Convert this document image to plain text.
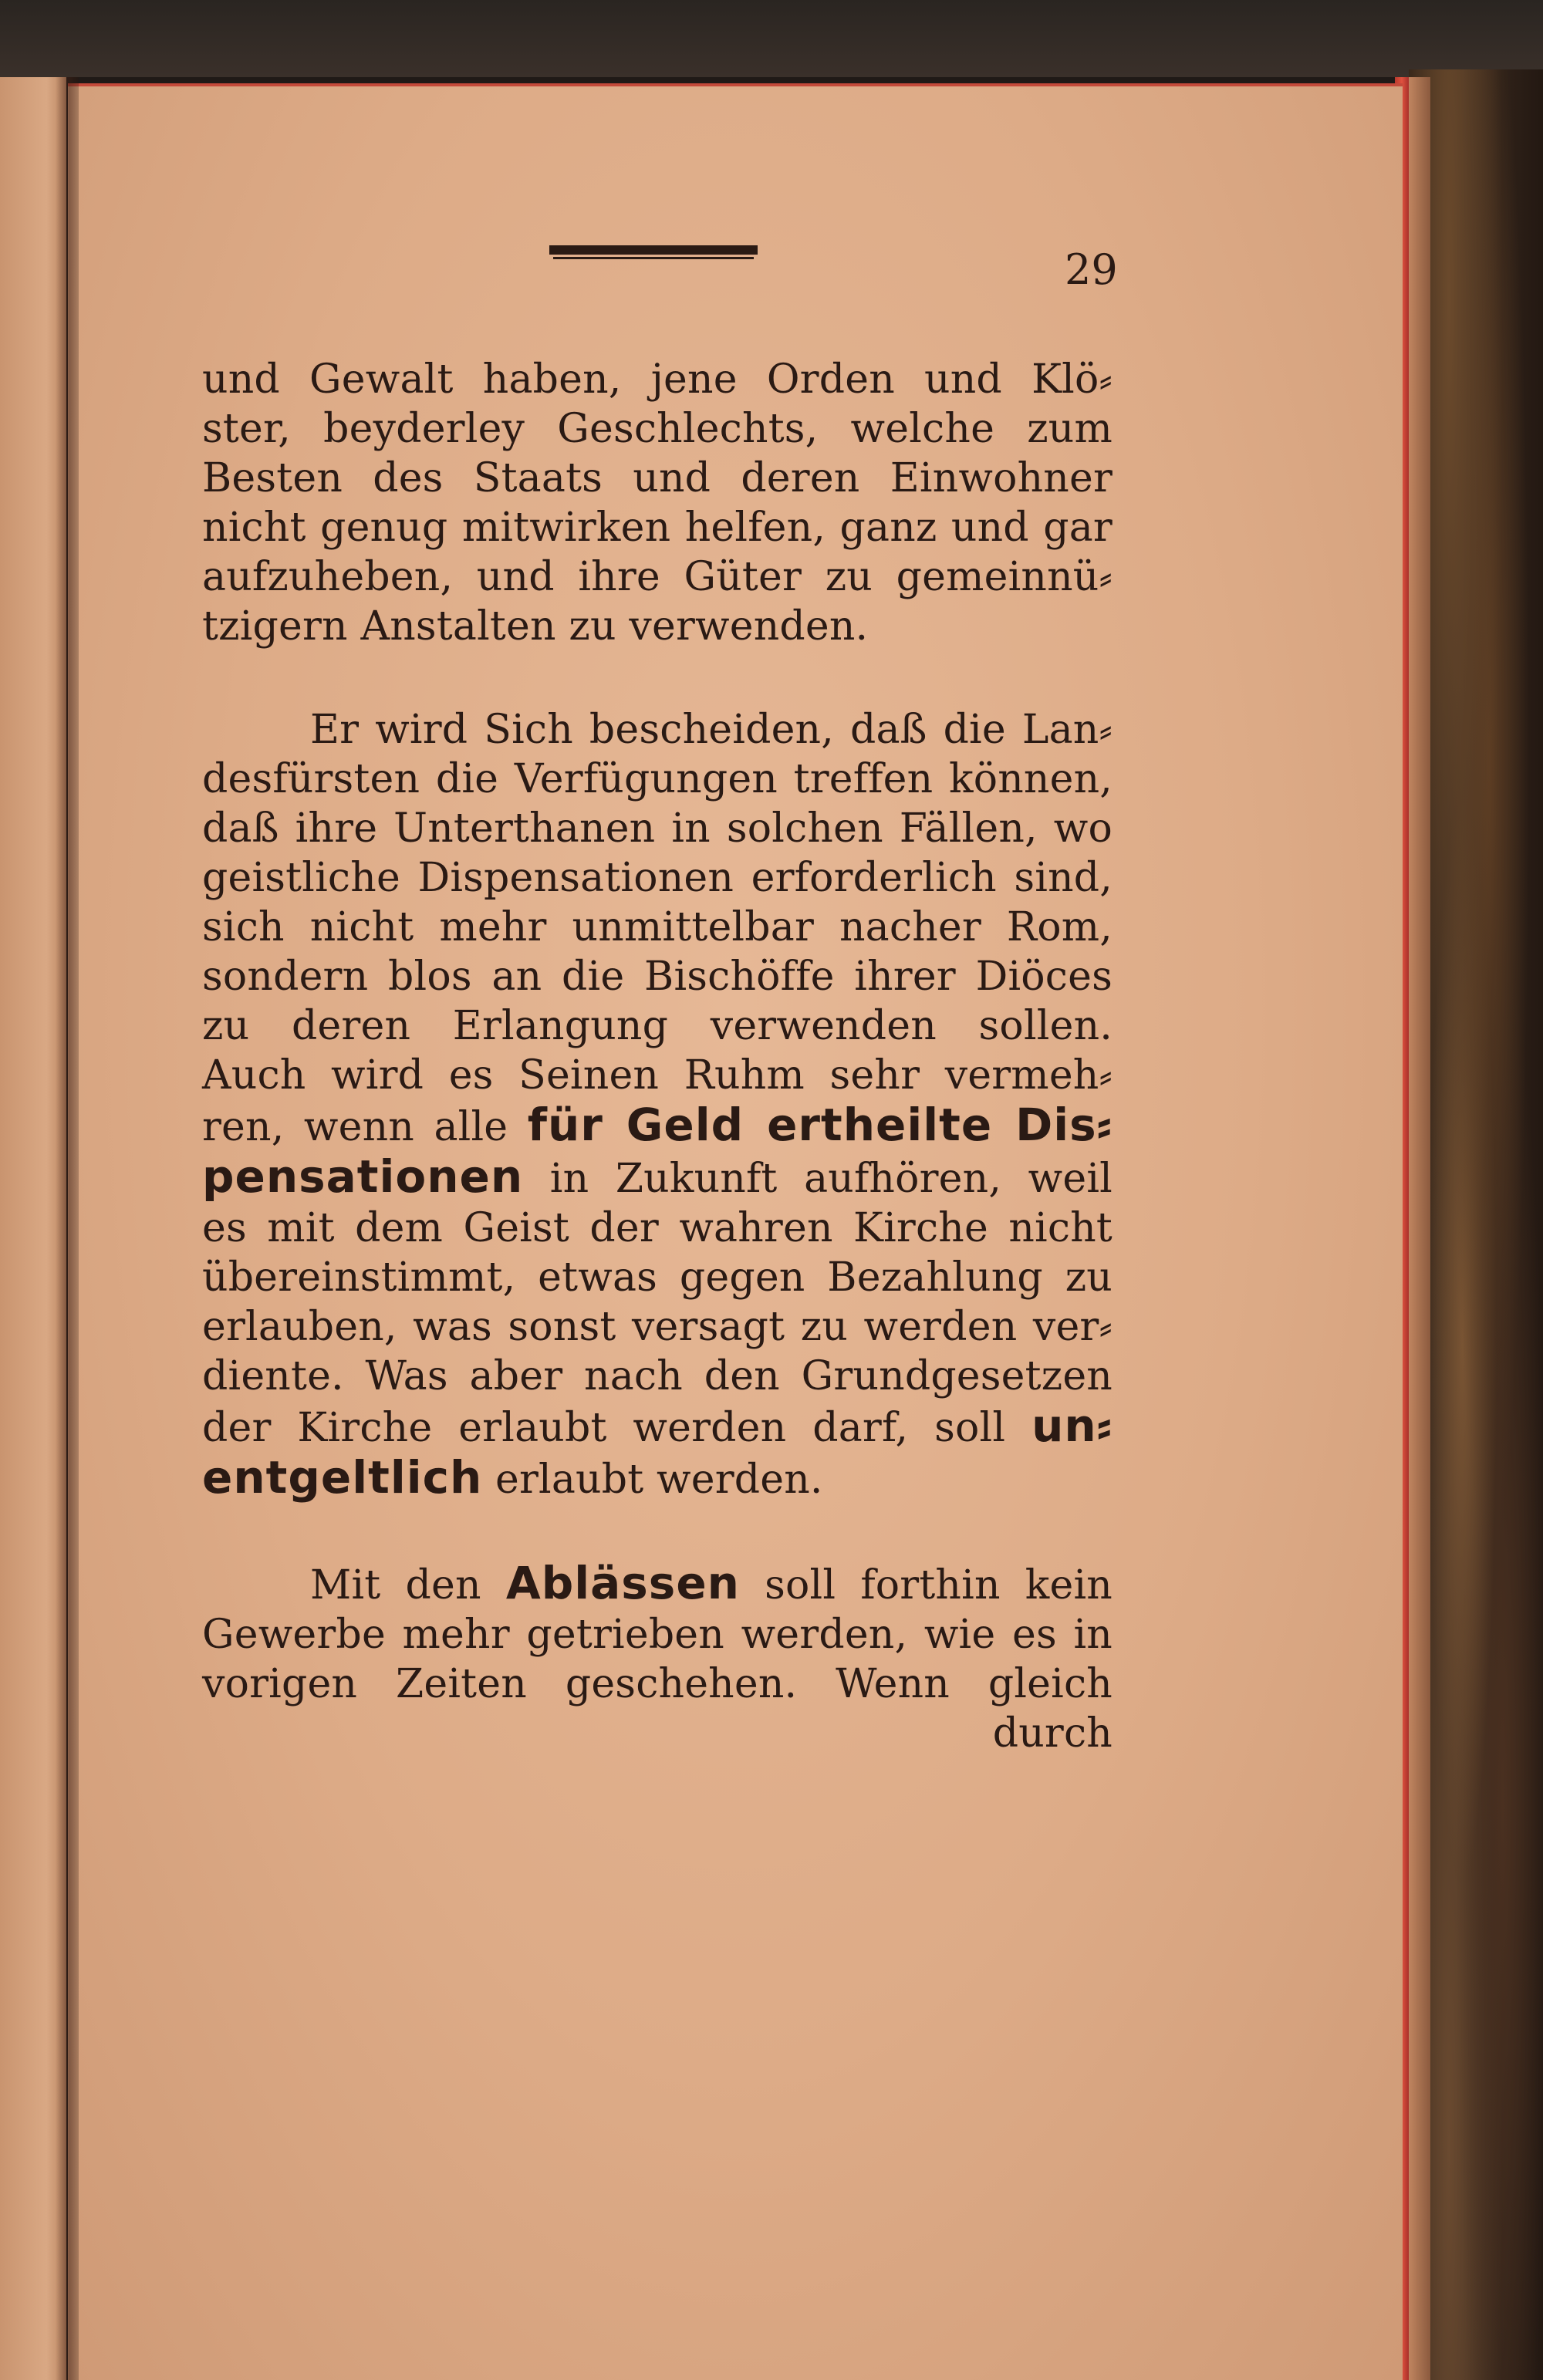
29
und Gewalt haben, jene Orden und Klö⸗
ster, beyderley Geschlechts, welche zum
Besten des Staats und deren Einwohner
nicht genug mitwirken helfen, ganz und gar
aufzuheben, und ihre Güter zu gemeinnü⸗
tzigern Anstalten zu verwenden.
Er wird Sich bescheiden, daß die Lan⸗
desfürsten die Verfügungen treffen können,
daß ihre Unterthanen in solchen Fällen, wo
geistliche Dispensationen erforderlich sind,
sich nicht mehr unmittelbar nacher Rom,
sondern blos an die Bischöffe ihrer Diöces
zu deren Erlangung verwenden sollen.
Auch wird es Seinen Ruhm sehr vermeh⸗
ren, wenn alle für Geld ertheilte Dis⸗
pensationen in Zukunft aufhören, weil
es mit dem Geist der wahren Kirche nicht
übereinstimmt, etwas gegen Bezahlung zu
erlauben, was sonst versagt zu werden ver⸗
diente. Was aber nach den Grundgesetzen
der Kirche erlaubt werden darf, soll un⸗
entgeltlich erlaubt werden.
Mit den Ablässen soll forthin kein
Gewerbe mehr getrieben werden, wie es in
vorigen Zeiten geschehen. Wenn gleich
durch
